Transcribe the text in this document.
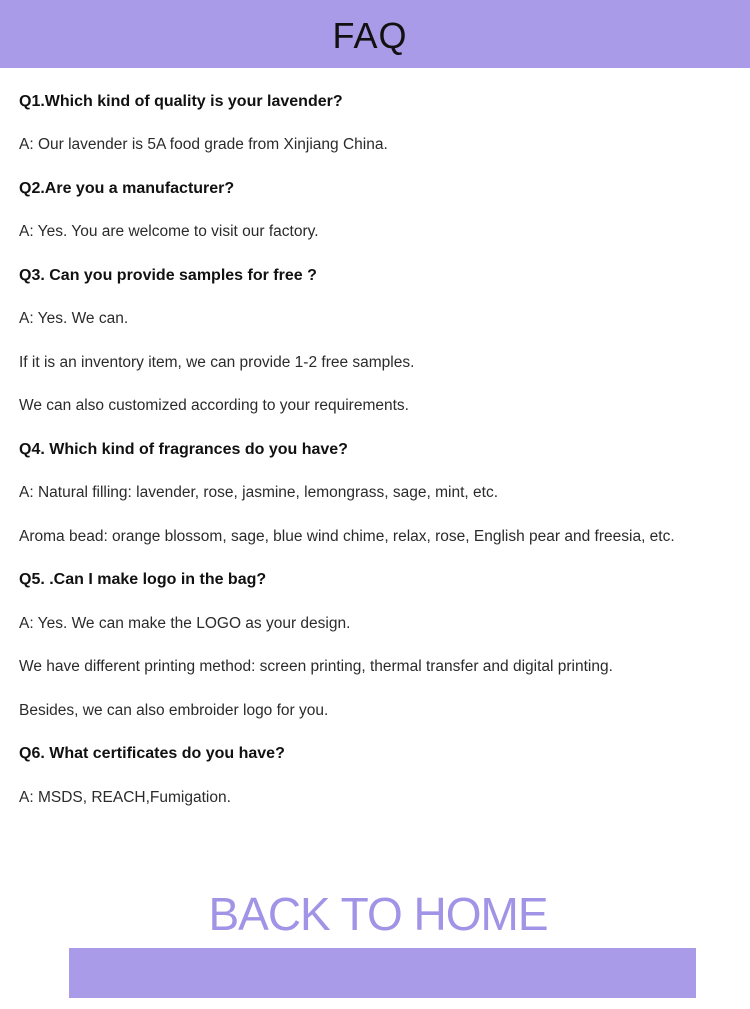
FAQ
Q1.Which kind of quality is your lavender?
A: Our lavender is 5A food grade from Xinjiang China.
Q2.Are you a manufacturer?
A: Yes. You are welcome to visit our factory.
Q3. Can you provide samples for free ?
A: Yes. We can.
If it is an inventory item, we can provide 1-2 free samples.
We can also customized according to your requirements.
Q4. Which kind of fragrances do you have?
A: Natural filling: lavender, rose, jasmine, lemongrass, sage, mint, etc.
Aroma bead: orange blossom, sage, blue wind chime, relax, rose, English pear and freesia, etc.
Q5. .Can I make logo in the bag?
A: Yes. We can make the LOGO as your design.
We have different printing method: screen printing, thermal transfer and digital printing.
Besides, we can also embroider logo for you.
Q6. What certificates do you have?
A: MSDS, REACH,Fumigation.
BACK TO HOME
